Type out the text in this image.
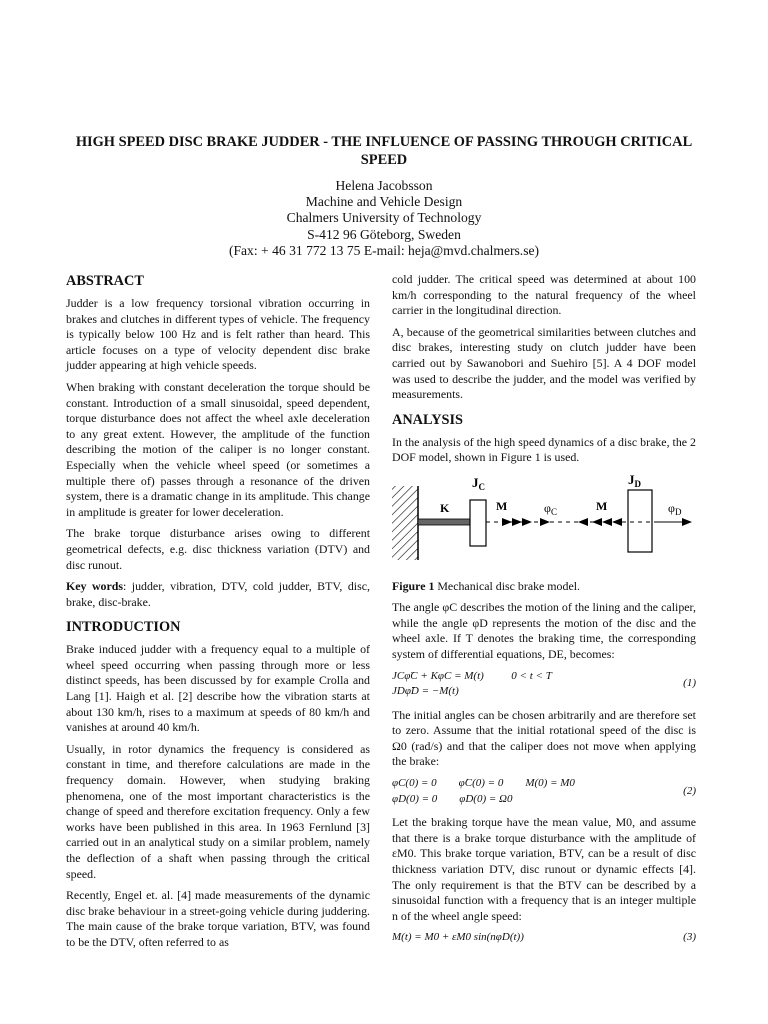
HIGH SPEED DISC BRAKE JUDDER - THE INFLUENCE OF PASSING THROUGH CRITICAL SPEED
Helena Jacobsson
Machine and Vehicle Design
Chalmers University of Technology
S-412 96 Göteborg, Sweden
(Fax: + 46 31 772 13 75 E-mail: heja@mvd.chalmers.se)
ABSTRACT

Judder is a low frequency torsional vibration occurring in brakes and clutches in different types of vehicle. The frequency is typically below 100 Hz and is felt rather than heard. This article focuses on a type of velocity dependent disc brake judder appearing at high vehicle speeds.

When braking with constant deceleration the torque should be constant. Introduction of a small sinusoidal, speed dependent, torque disturbance does not affect the wheel axle deceleration to any great extent. However, the amplitude of the function describing the motion of the caliper is no longer constant. Especially when the vehicle wheel speed (or sometimes a multiple there of) passes through a resonance of the driven system, there is a dramatic change in its amplitude. This change in amplitude is greater for lower deceleration.

The brake torque disturbance arises owing to different geometrical defects, e.g. disc thickness variation (DTV) and disc runout.

Key words: judder, vibration, DTV, cold judder, BTV, disc, brake, disc-brake.

INTRODUCTION

Brake induced judder with a frequency equal to a multiple of wheel speed occurring when passing through more or less distinct speeds, has been discussed by for example Crolla and Lang [1]. Haigh et al. [2] describe how the vibration starts at about 130 km/h, rises to a maximum at speeds of 80 km/h and vanishes at around 40 km/h.

Usually, in rotor dynamics the frequency is considered as constant in time, and therefore calculations are made in the frequency domain. However, when studying braking phenomena, one of the most important characteristics is the change of speed and therefore excitation frequency. Only a few works have been published in this area. In 1963 Fernlund [3] carried out in an analytical study on a similar problem, namely the deflection of a shaft when passing through the critical speed.

Recently, Engel et. al. [4] made measurements of the dynamic disc brake behaviour in a street-going vehicle during juddering. The main cause of the brake torque variation, BTV, was found to be the DTV, often referred to as

cold judder. The critical speed was determined at about 100 km/h corresponding to the natural frequency of the wheel carrier in the longitudinal direction.

A, because of the geometrical similarities between clutches and disc brakes, interesting study on clutch judder have been carried out by Sawanobori and Suehiro [5]. A 4 DOF model was used to describe the judder, and the model was verified by measurements.

ANALYSIS

In the analysis of the high speed dynamics of a disc brake, the 2 DOF model, shown in Figure 1 is used.

$J_C$	$J_D$
K	M	M
$\varphi_C$	$\varphi_D$

Figure 1 Mechanical disc brake model.

The angle φC describes the motion of the lining and the caliper, while the angle φD represents the motion of the disc and the wheel axle. If T denotes the braking time, the corresponding system of differential equations, DE, becomes:

JCφ̈C + KφC = M(t)          0 < t < T
JDφ̈D = −M(t)
(1)

The initial angles can be chosen arbitrarily and are therefore set to zero. Assume that the initial rotational speed of the disc is Ω0 (rad/s) and that the caliper does not move when applying the brake:

φC(0) = 0        φ̇C(0) = 0        M(0) = M0
φD(0) = 0        φ̇D(0) = Ω0
(2)

Let the braking torque have the mean value, M0, and assume that there is a brake torque disturbance with the amplitude of εM0. This brake torque variation, BTV, can be a result of disc thickness variation DTV, disc runout or dynamic effects [4]. The only requirement is that the BTV can be described by a sinusoidal function with a frequency that is an integer multiple n of the wheel angle speed:

M(t) = M0 + εM0 sin(nφD(t))	(3)
